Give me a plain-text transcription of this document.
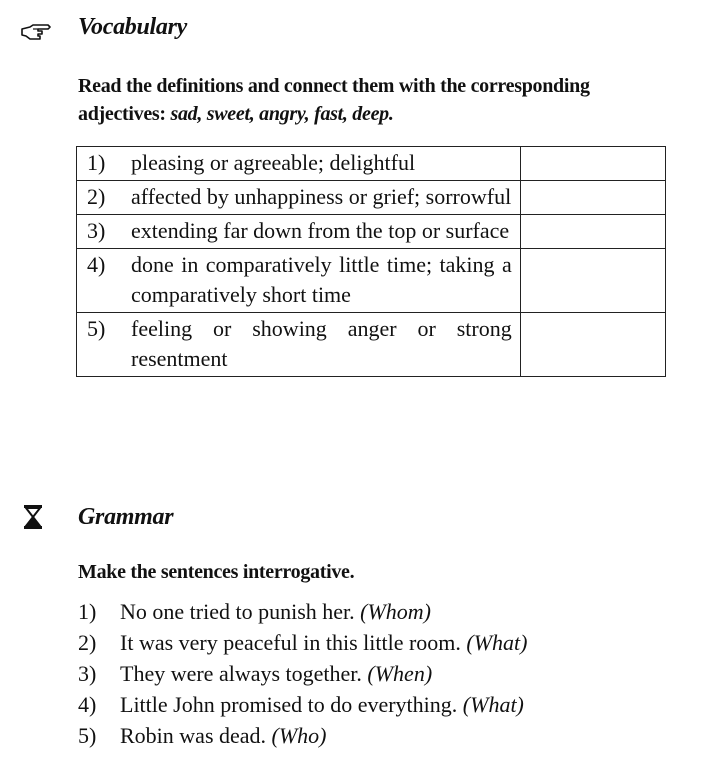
Vocabulary
Read the definitions and connect them with the corresponding adjectives: sad, sweet, angry, fast, deep.
1) pleasing or agreeable; delightful	

2) affected by unhappiness or grief; sorrowful	

3) extending far down from the top or surface	

4) done in comparatively little time; taking a comparatively short time	

5) feeling or showing anger or strong resentment	

Grammar
Make the sentences interrogative.
1)	No one tried to punish her.
(Whom)
2)	It was very peaceful in this little room.
(What)
3)	They were always together.
(When)
4)	Little John promised to do everything.
(What)
5)	Robin was dead.
(Who)
